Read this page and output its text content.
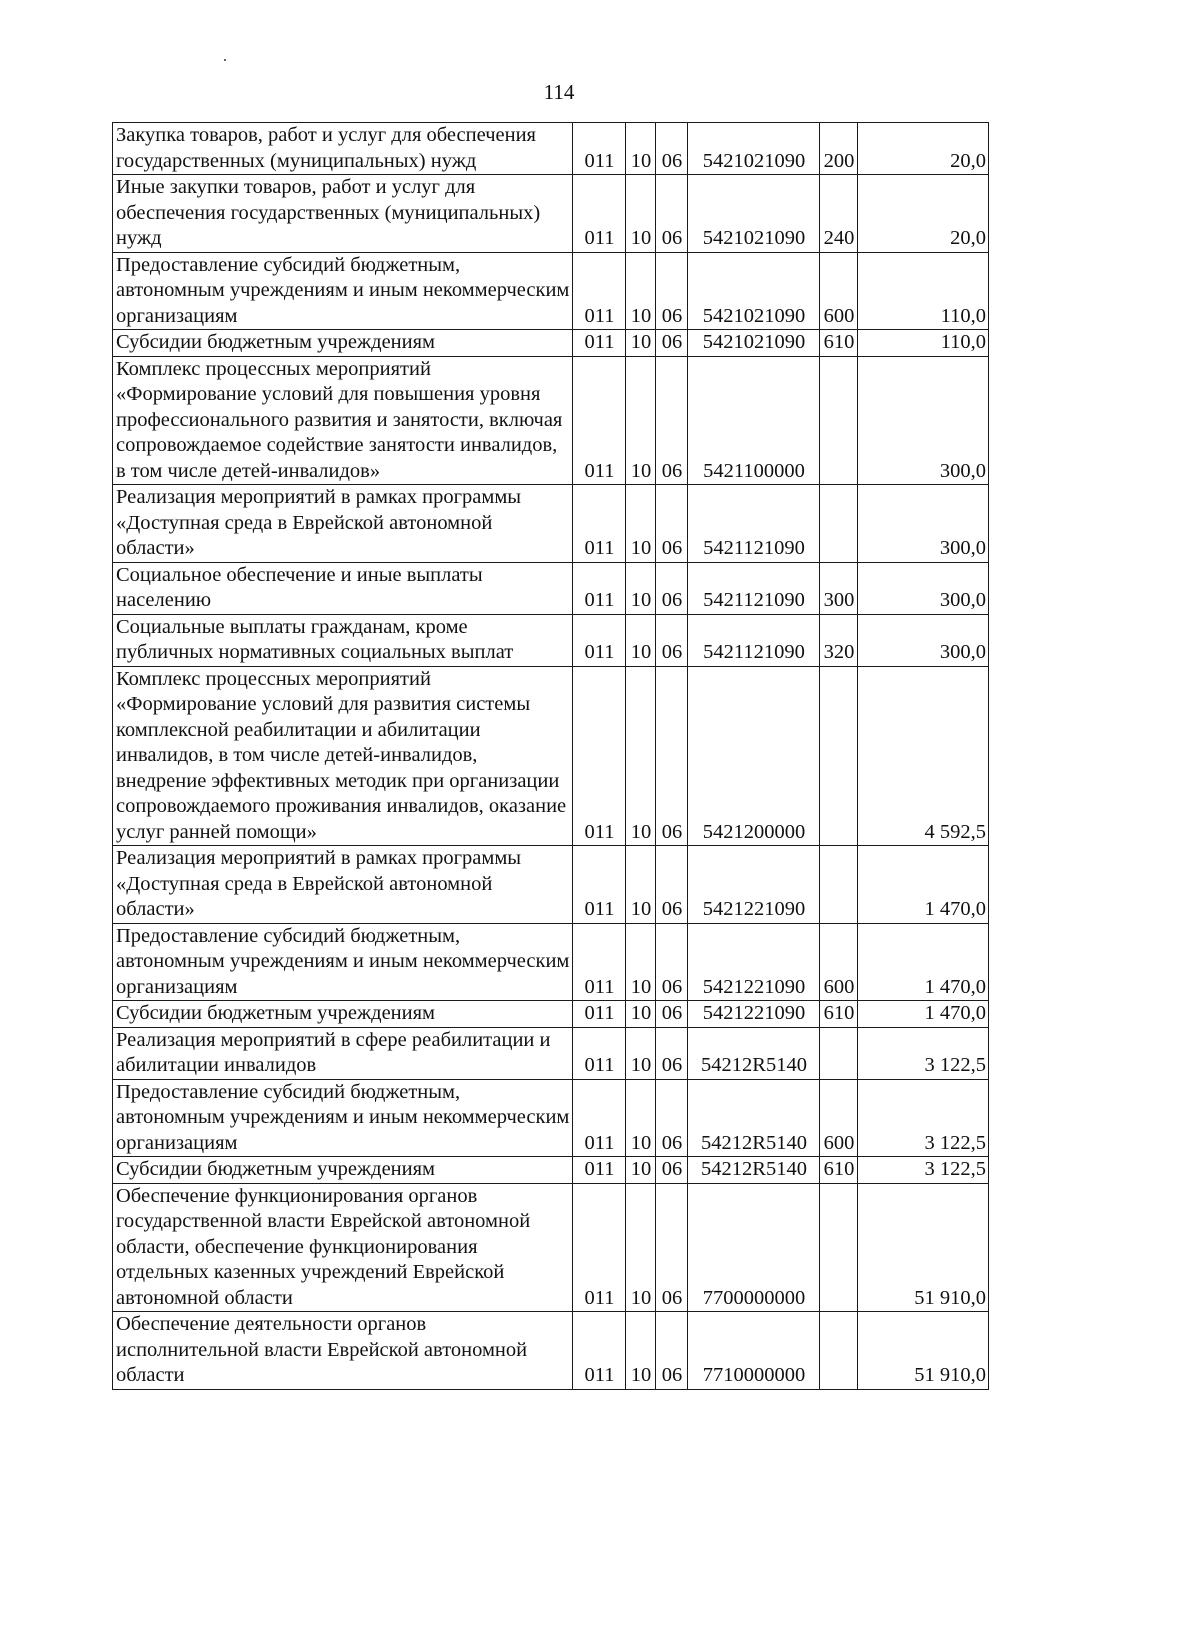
114
Закупка товаров, работ и услуг для обеспечения государственных (муниципальных) нужд	011	10	06	5421021090	200	20,0
Иные закупки товаров, работ и услуг для обеспечения государственных (муниципальных) нужд	011	10	06	5421021090	240	20,0
Предоставление субсидий бюджетным, автономным учреждениям и иным некоммерческим организациям	011	10	06	5421021090	600	110,0
Субсидии бюджетным учреждениям	011	10	06	5421021090	610	110,0
Комплекс процессных мероприятий «Формирование условий для повышения уровня профессионального развития и занятости, включая сопровождаемое содействие занятости инвалидов, в том числе детей-инвалидов»	011	10	06	5421100000		300,0
Реализация мероприятий в рамках программы «Доступная среда в Еврейской автономной области»	011	10	06	5421121090		300,0
Социальное обеспечение и иные выплаты населению	011	10	06	5421121090	300	300,0
Социальные выплаты гражданам, кроме публичных нормативных социальных выплат	011	10	06	5421121090	320	300,0
Комплекс процессных мероприятий «Формирование условий для развития системы комплексной реабилитации и абилитации инвалидов, в том числе детей-инвалидов, внедрение эффективных методик при организации сопровождаемого проживания инвалидов, оказание услуг ранней помощи»	011	10	06	5421200000		4 592,5
Реализация мероприятий в рамках программы «Доступная среда в Еврейской автономной области»	011	10	06	5421221090		1 470,0
Предоставление субсидий бюджетным, автономным учреждениям и иным некоммерческим организациям	011	10	06	5421221090	600	1 470,0
Субсидии бюджетным учреждениям	011	10	06	5421221090	610	1 470,0
Реализация мероприятий в сфере реабилитации и абилитации инвалидов	011	10	06	54212R5140		3 122,5
Предоставление субсидий бюджетным, автономным учреждениям и иным некоммерческим организациям	011	10	06	54212R5140	600	3 122,5
Субсидии бюджетным учреждениям	011	10	06	54212R5140	610	3 122,5
Обеспечение функционирования органов государственной власти Еврейской автономной области, обеспечение функционирования отдельных казенных учреждений Еврейской автономной области	011	10	06	7700000000		51 910,0
Обеспечение деятельности органов исполнительной власти Еврейской автономной области	011	10	06	7710000000		51 910,0
